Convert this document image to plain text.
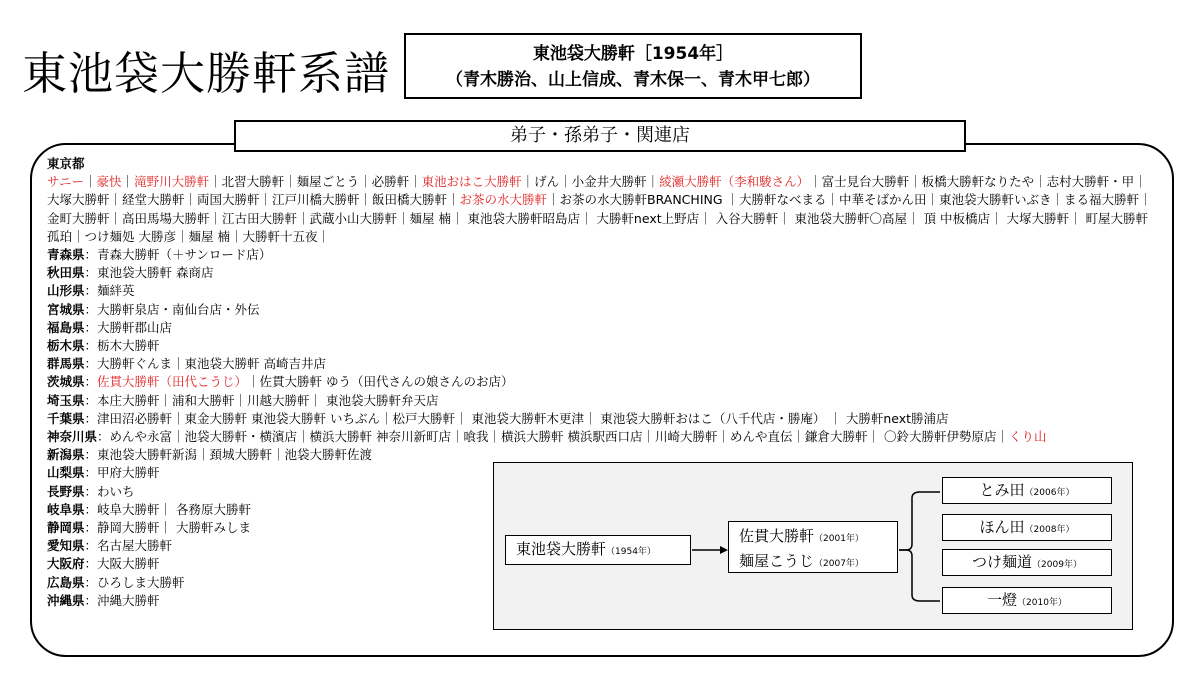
東池袋大勝軒系譜	東池袋大勝軒［1954年］
（青木勝治、山上信成、青木保一、青木甲七郎）
弟子・孫弟子・関連店
東京都
サニー｜豪快｜滝野川大勝軒｜北習大勝軒｜麺屋ごとう｜必勝軒｜東池おはこ大勝軒｜げん｜小金井大勝軒｜綾瀬大勝軒（李和駿さん）｜富士見台大勝軒｜板橋大勝軒なりたや｜志村大勝軒・甲｜大塚大勝軒｜経堂大勝軒｜両国大勝軒｜江戸川橋大勝軒｜飯田橋大勝軒｜お茶の水大勝軒｜お茶の水大勝軒BRANCHING ｜大勝軒なべまる｜中華そばかん田｜東池袋大勝軒いぶき｜まる福大勝軒｜金町大勝軒｜高田馬場大勝軒｜江古田大勝軒｜武蔵小山大勝軒｜麺屋 楠｜ 東池袋大勝軒昭島店｜ 大勝軒next上野店｜ 入谷大勝軒｜ 東池袋大勝軒〇高屋｜ 頂 中板橋店｜ 大塚大勝軒｜ 町屋大勝軒孤珀｜つけ麺処 大勝彦｜麺屋 楠｜大勝軒十五夜｜
青森県：青森大勝軒（＋サンロード店）
秋田県：東池袋大勝軒 森商店
山形県：麺絆英
宮城県：大勝軒泉店・南仙台店・外伝
福島県：大勝軒郡山店
栃木県：栃木大勝軒
群馬県：大勝軒ぐんま｜東池袋大勝軒 高崎吉井店
茨城県：佐貫大勝軒（田代こうじ）｜佐貫大勝軒 ゆう（田代さんの娘さんのお店）
埼玉県：本庄大勝軒｜浦和大勝軒｜川越大勝軒｜ 東池袋大勝軒弁天店
千葉県：津田沼必勝軒｜東金大勝軒 東池袋大勝軒 いちぶん｜松戸大勝軒｜ 東池袋大勝軒木更津｜ 東池袋大勝軒おはこ（八千代店・勝庵） ｜ 大勝軒next勝浦店
神奈川県：めんや永富｜池袋大勝軒・横濱店｜横浜大勝軒 神奈川新町店｜喰我｜横浜大勝軒 横浜駅西口店｜川崎大勝軒｜めんや直伝｜鎌倉大勝軒｜ 〇鈴大勝軒伊勢原店｜くり山
新潟県：東池袋大勝軒新潟｜頚城大勝軒｜池袋大勝軒佐渡
山梨県：甲府大勝軒
長野県：わいち
岐阜県：岐阜大勝軒｜ 各務原大勝軒
静岡県：静岡大勝軒｜ 大勝軒みしま
愛知県：名古屋大勝軒
大阪府：大阪大勝軒
広島県：ひろしま大勝軒
沖縄県：沖縄大勝軒
東池袋大勝軒（1954年）
佐貫大勝軒（2001年）
麺屋こうじ（2007年）
とみ田（2006年）
ほん田（2008年）
つけ麺道（2009年）
一燈（2010年）
